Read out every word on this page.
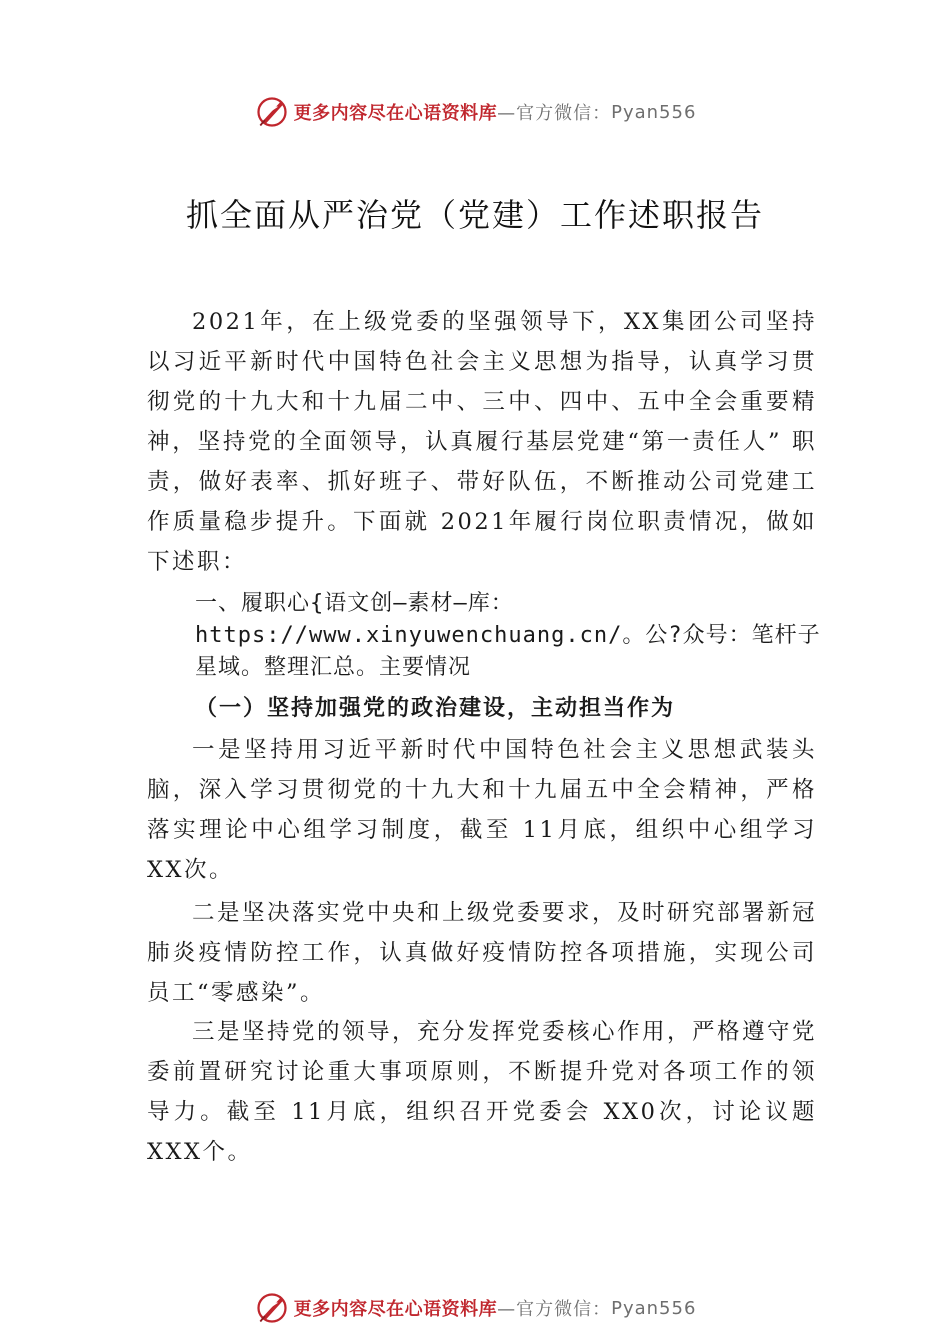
更多内容尽在心语资料库 —官方微信： Pyan556
抓全面从严治党（党建）工作述职报告

2021年，在上级党委的坚强领导下，XX集团公司坚持以习近平新时代中国特色社会主义思想为指导，认真学习贯彻党的十九大和十九届二中、三中、四中、五中全会重要精神，坚持党的全面领导，认真履行基层党建“第一责任人” 职责，做好表率、抓好班子、带好队伍，不断推动公司党建工作质量稳步提升。下面就 2021年履行岗位职责情况，做如下述职：

一、履职心{语文创—素材—库：https://www.xinyuwenchuang.cn/。公?众号：笔杆子星域。整理汇总。主要情况

（一）坚持加强党的政治建设，主动担当作为

一是坚持用习近平新时代中国特色社会主义思想武装头脑，深入学习贯彻党的十九大和十九届五中全会精神，严格落实理论中心组学习制度，截至 11月底，组织中心组学习XX次。

二是坚决落实党中央和上级党委要求，及时研究部署新冠肺炎疫情防控工作，认真做好疫情防控各项措施，实现公司员工“零感染”。

三是坚持党的领导，充分发挥党委核心作用，严格遵守党委前置研究讨论重大事项原则，不断提升党对各项工作的领导力。截至 11月底，组织召开党委会 XX0次，讨论议题XXX个。

更多内容尽在心语资料库 —官方微信： Pyan556
